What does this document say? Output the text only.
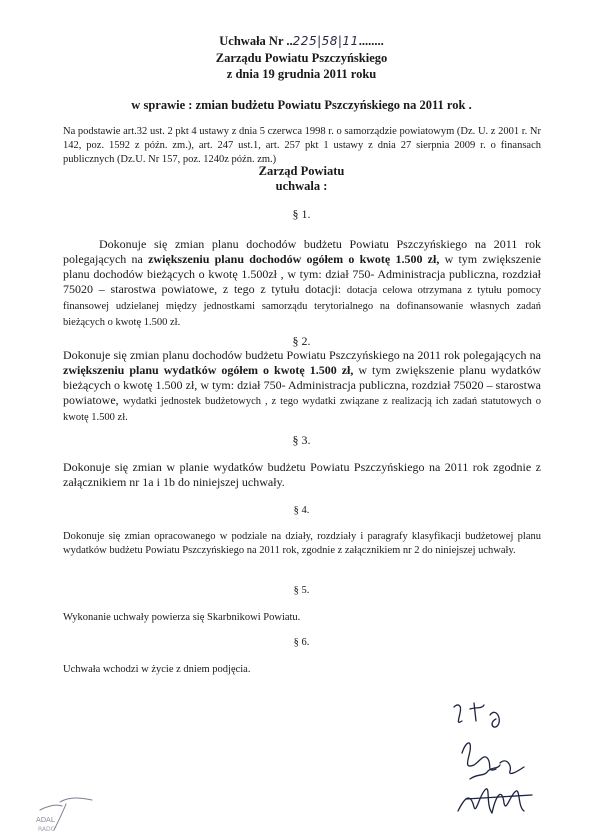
Uchwała Nr ..225|58|11........
Zarządu Powiatu Pszczyńskiego
z dnia 19 grudnia 2011 roku
w sprawie : zmian budżetu Powiatu Pszczyńskiego na 2011 rok .
Na podstawie art.32 ust. 2 pkt 4 ustawy z dnia 5 czerwca 1998 r. o samorządzie powiatowym (Dz. U. z 2001 r. Nr 142, poz. 1592 z późn. zm.), art. 247 ust.1, art. 257 pkt 1 ustawy z dnia 27 sierpnia 2009 r. o finansach publicznych (Dz.U. Nr 157, poz. 1240z późn. zm.)
Zarząd Powiatu
uchwala :
§ 1.
Dokonuje się zmian planu dochodów budżetu Powiatu Pszczyńskiego na 2011 rok polegających na zwiększeniu planu dochodów ogółem o kwotę 1.500 zł, w tym zwiększenie planu dochodów bieżących o kwotę 1.500zł , w tym: dział 750- Administracja publiczna, rozdział 75020 – starostwa powiatowe, z tego z tytułu dotacji: dotacja celowa otrzymana z tytułu pomocy finansowej udzielanej między jednostkami samorządu terytorialnego na dofinansowanie własnych zadań bieżących o kwotę 1.500 zł.
§ 2.
Dokonuje się zmian planu dochodów budżetu Powiatu Pszczyńskiego na 2011 rok polegających na zwiększeniu planu wydatków ogółem o kwotę 1.500 zł, w tym zwiększenie planu wydatków bieżących o kwotę 1.500 zł, w tym: dział 750- Administracja publiczna, rozdział 75020 – starostwa powiatowe, wydatki jednostek budżetowych , z tego wydatki związane z realizacją ich zadań statutowych o kwotę 1.500 zł.
§ 3.
Dokonuje się zmian w planie wydatków budżetu Powiatu Pszczyńskiego na 2011 rok zgodnie z załącznikiem nr 1a i 1b do niniejszej uchwały.
§ 4.
Dokonuje się zmian opracowanego w podziale na działy, rozdziały i paragrafy klasyfikacji budżetowej planu wydatków budżetu Powiatu Pszczyńskiego na 2011 rok, zgodnie z załącznikiem nr 2 do niniejszej uchwały.
§ 5.
Wykonanie uchwały powierza się Skarbnikowi Powiatu.
§ 6.
Uchwała wchodzi w życie z dniem podjęcia.
ADAL
RADC
